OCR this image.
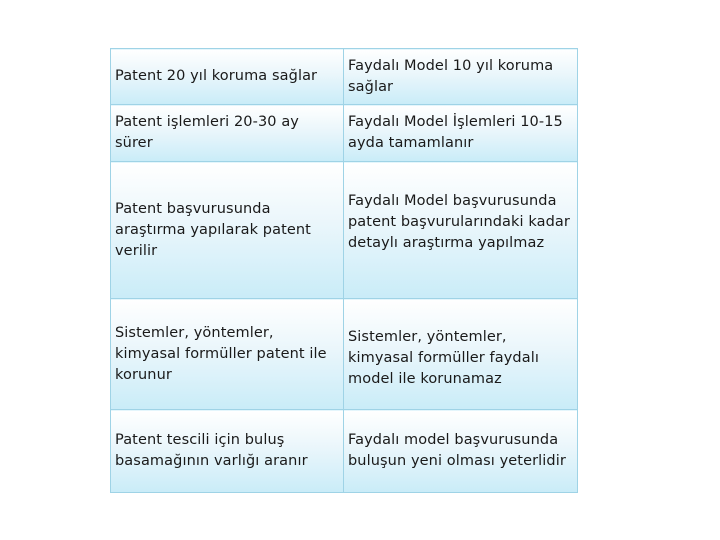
Patent 20 yıl koruma sağlar	Faydalı Model 10 yıl koruma sağlar

Patent işlemleri 20-30 ay sürer	Faydalı Model İşlemleri 10-15 ayda tamamlanır

Patent başvurusunda araştırma yapılarak patent verilir	Faydalı Model başvurusunda patent başvurularındaki kadar detaylı araştırma yapılmaz

Sistemler, yöntemler, kimyasal formüller patent ile korunur	Sistemler, yöntemler, kimyasal formüller faydalı model ile korunamaz

Patent tescili için buluş basamağının varlığı aranır	Faydalı model başvurusunda buluşun yeni olması yeterlidir
